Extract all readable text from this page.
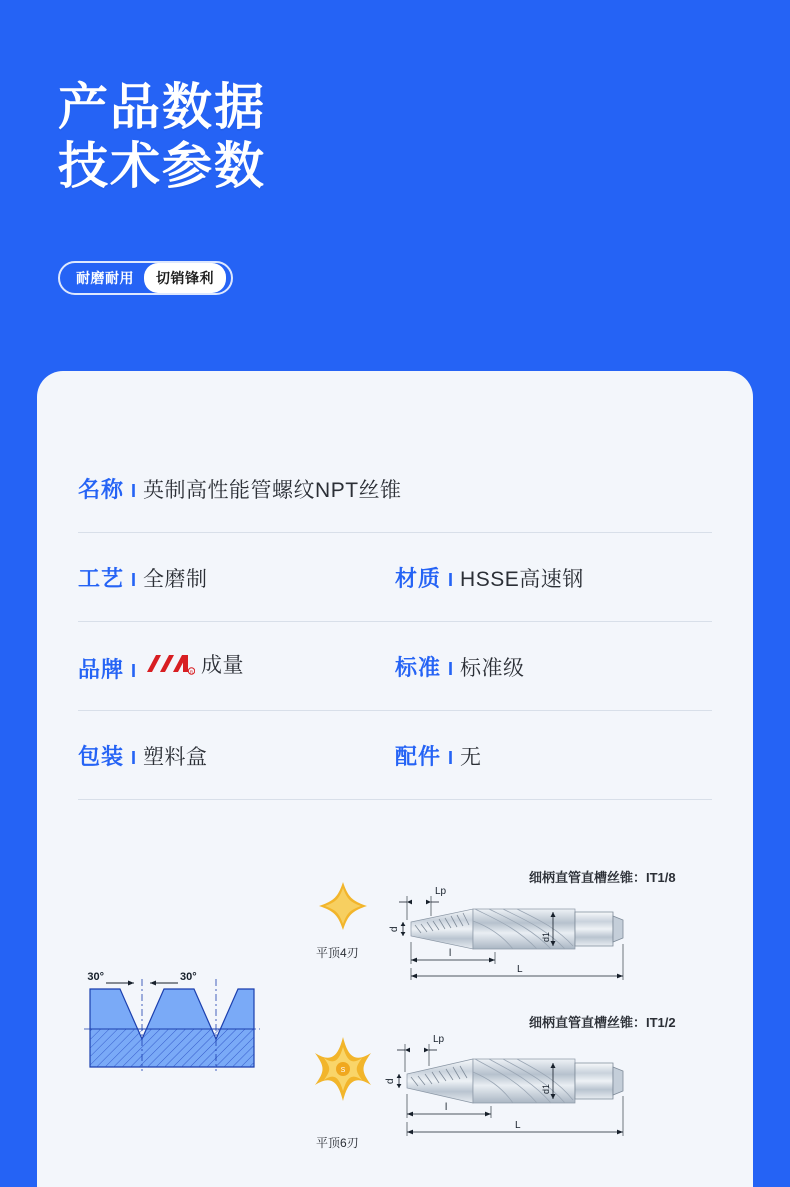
产品数据
技术参数
耐磨耐用	切销锋利
名称 I 英制高性能管螺纹NPT丝锥
工艺 I 全磨制	材质 I HSSE高速钢
品牌 I	R 成量	标准 I 标准级
包装 I 塑料盒	配件 I 无
细柄直管直槽丝锥：IT1/8
细柄直管直槽丝锥：IT1/2
平顶4刃
平顶6刃
30°	30°
S
d1
d
Lp
l
L
d1
d
Lp
l
L
